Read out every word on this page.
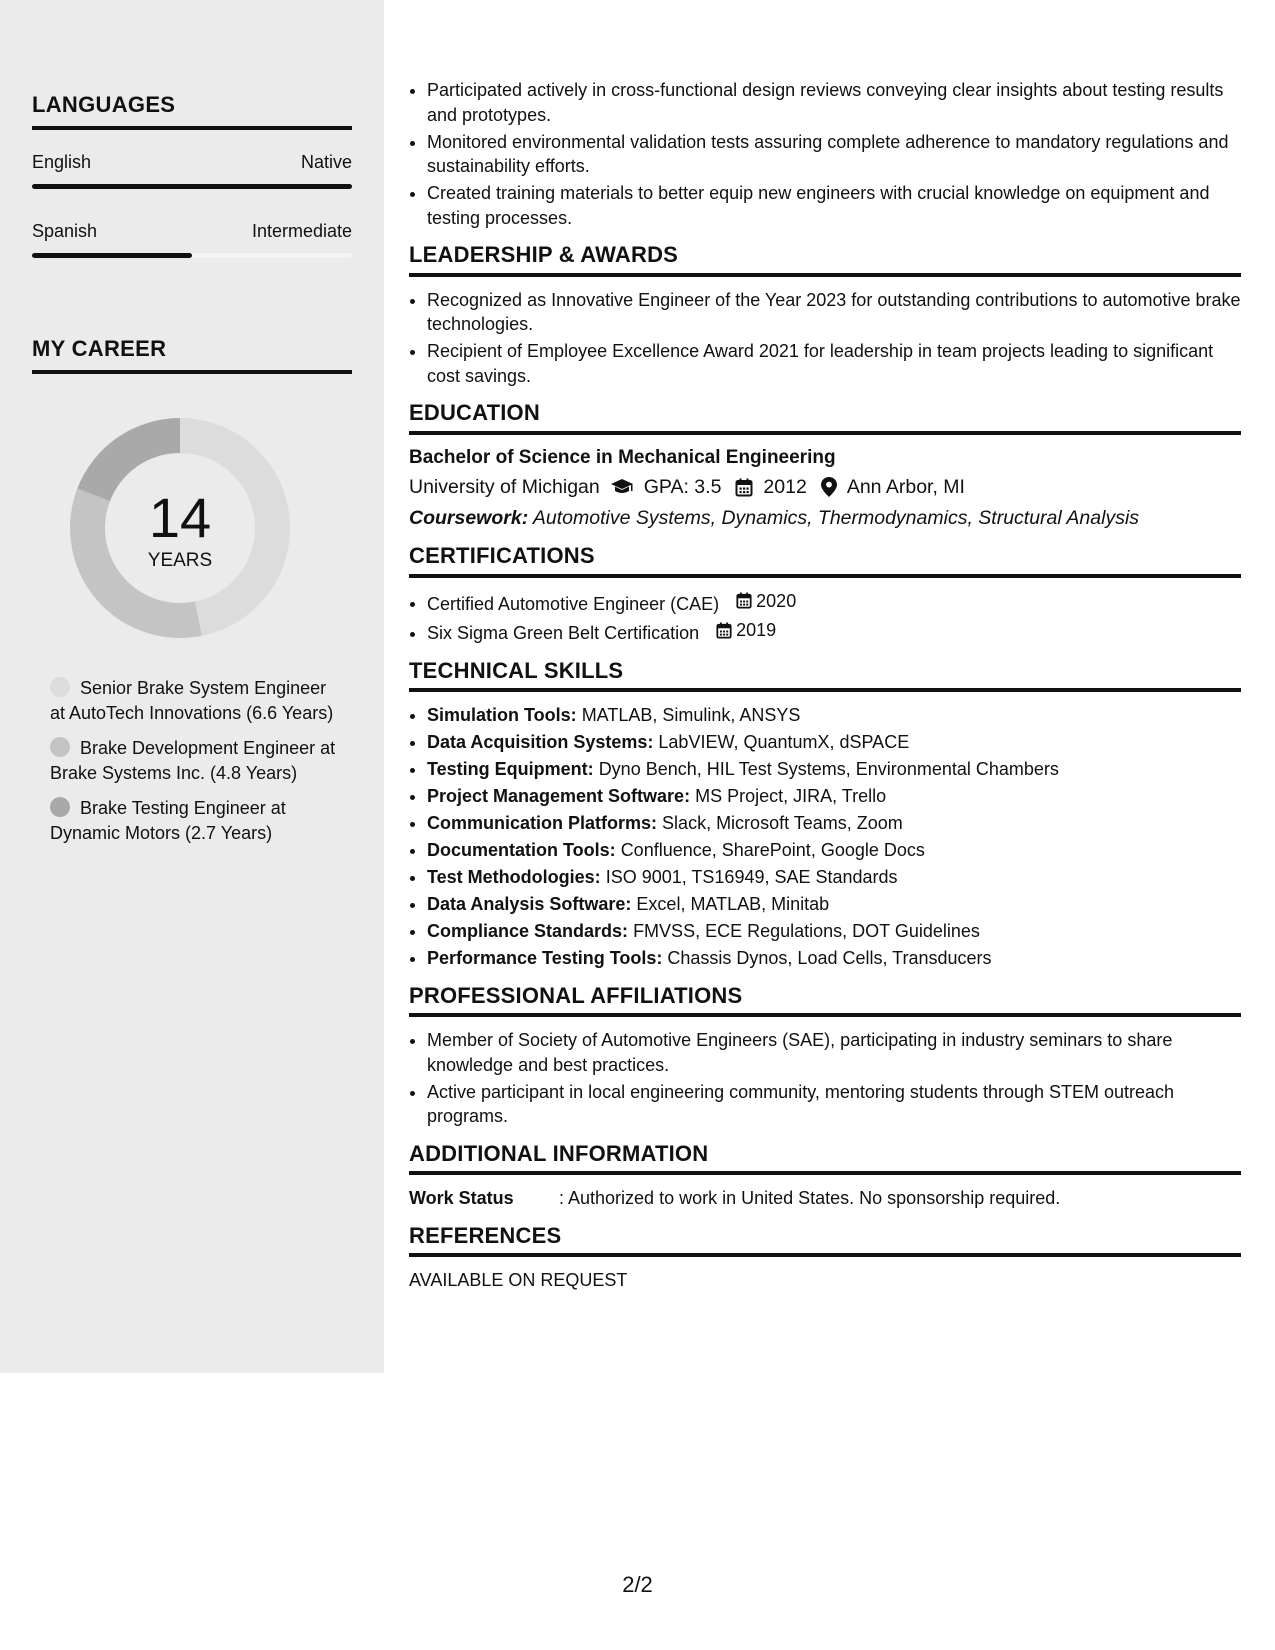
LANGUAGES
English	Native
Spanish	Intermediate
MY CAREER
14
YEARS
Senior Brake System Engineer at AutoTech Innovations (6.6 Years)
Brake Development Engineer at Brake Systems Inc. (4.8 Years)
Brake Testing Engineer at Dynamic Motors (2.7 Years)
• Participated actively in cross-functional design reviews conveying clear insights about testing results and prototypes.
• Monitored environmental validation tests assuring complete adherence to mandatory regulations and sustainability efforts.
• Created training materials to better equip new engineers with crucial knowledge on equipment and testing processes.
LEADERSHIP & AWARDS
• Recognized as Innovative Engineer of the Year 2023 for outstanding contributions to automotive brake technologies.
• Recipient of Employee Excellence Award 2021 for leadership in team projects leading to significant cost savings.
EDUCATION
Bachelor of Science in Mechanical Engineering
University of Michigan GPA: 3.5 2012 Ann Arbor, MI
Coursework: Automotive Systems, Dynamics, Thermodynamics, Structural Analysis
CERTIFICATIONS
• Certified Automotive Engineer (CAE) 2020
• Six Sigma Green Belt Certification 2019
TECHNICAL SKILLS
• Simulation Tools: MATLAB, Simulink, ANSYS
• Data Acquisition Systems: LabVIEW, QuantumX, dSPACE
• Testing Equipment: Dyno Bench, HIL Test Systems, Environmental Chambers
• Project Management Software: MS Project, JIRA, Trello
• Communication Platforms: Slack, Microsoft Teams, Zoom
• Documentation Tools: Confluence, SharePoint, Google Docs
• Test Methodologies: ISO 9001, TS16949, SAE Standards
• Data Analysis Software: Excel, MATLAB, Minitab
• Compliance Standards: FMVSS, ECE Regulations, DOT Guidelines
• Performance Testing Tools: Chassis Dynos, Load Cells, Transducers
PROFESSIONAL AFFILIATIONS
• Member of Society of Automotive Engineers (SAE), participating in industry seminars to share knowledge and best practices.
• Active participant in local engineering community, mentoring students through STEM outreach programs.
ADDITIONAL INFORMATION
Work Status	: Authorized to work in United States. No sponsorship required.
REFERENCES
AVAILABLE ON REQUEST
2/2
